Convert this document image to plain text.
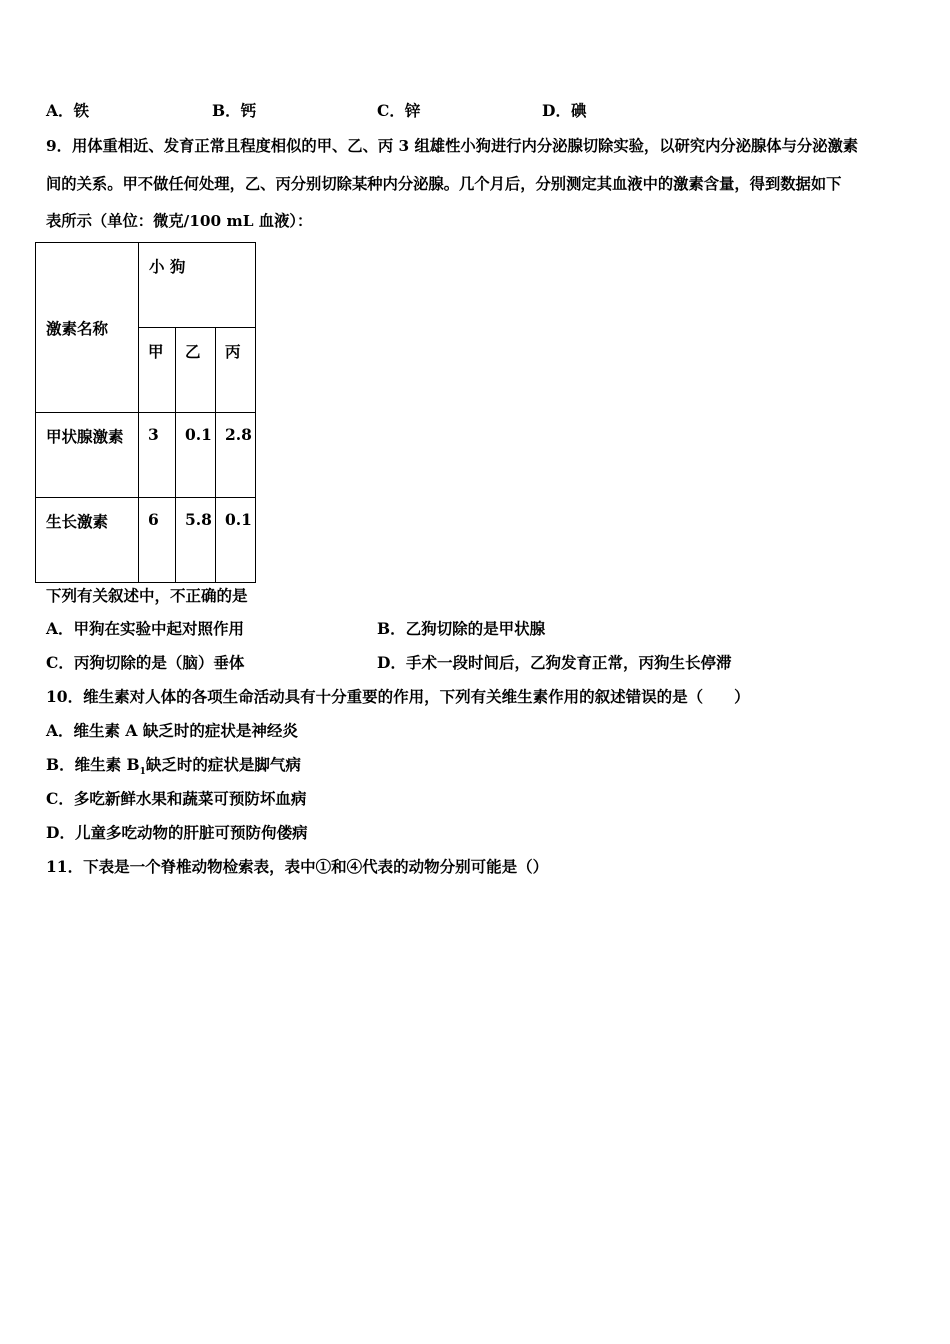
A．铁	B．钙	C．锌	D．碘
9．用体重相近、发育正常且程度相似的甲、乙、丙 3 组雄性小狗进行内分泌腺切除实验，以研究内分泌腺体与分泌激素
间的关系。甲不做任何处理，乙、丙分别切除某种内分泌腺。几个月后，分别测定其血液中的激素含量，得到数据如下
表所示（单位：微克/100 mL 血液）：
激素名称	小 狗		

	甲	乙	丙

甲状腺激素	3	0.1	2.8

生长激素	6	5.8	0.1
下列有关叙述中，不正确的是
A．甲狗在实验中起对照作用	B．乙狗切除的是甲状腺
C．丙狗切除的是（脑）垂体	D．手术一段时间后，乙狗发育正常，丙狗生长停滞
10．维生素对人体的各项生命活动具有十分重要的作用，下列有关维生素作用的叙述错误的是（　　）
A．维生素 A 缺乏时的症状是神经炎
B．维生素 $B_1$缺乏时的症状是脚气病
C．多吃新鲜水果和蔬菜可预防坏血病
D．儿童多吃动物的肝脏可预防佝偻病
11．下表是一个脊椎动物检索表，表中①和④代表的动物分别可能是（）
